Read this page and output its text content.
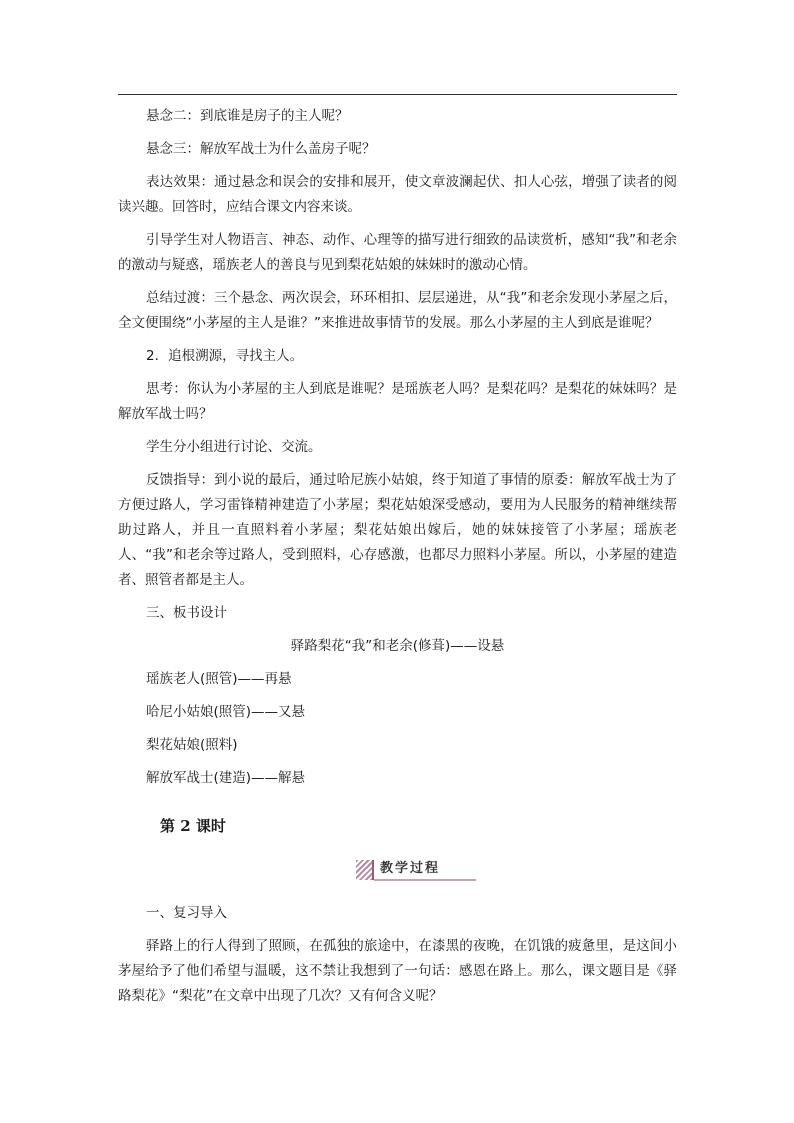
悬念二：到底谁是房子的主人呢？

悬念三：解放军战士为什么盖房子呢？

表达效果：通过悬念和误会的安排和展开，使文章波澜起伏、扣人心弦，增强了读者的阅读兴趣。回答时，应结合课文内容来谈。

引导学生对人物语言、神态、动作、心理等的描写进行细致的品读赏析，感知“我”和老余的激动与疑惑，瑶族老人的善良与见到梨花姑娘的妹妹时的激动心情。

总结过渡：三个悬念、两次误会，环环相扣、层层递进，从“我”和老余发现小茅屋之后，全文便围绕“小茅屋的主人是谁？”来推进故事情节的发展。那么小茅屋的主人到底是谁呢？

2．追根溯源，寻找主人。

思考：你认为小茅屋的主人到底是谁呢？是瑶族老人吗？是梨花吗？是梨花的妹妹吗？是解放军战士吗？

学生分小组进行讨论、交流。

反馈指导：到小说的最后，通过哈尼族小姑娘，终于知道了事情的原委：解放军战士为了方便过路人，学习雷锋精神建造了小茅屋；梨花姑娘深受感动，要用为人民服务的精神继续帮助过路人，并且一直照料着小茅屋；梨花姑娘出嫁后，她的妹妹接管了小茅屋；瑶族老人、“我”和老余等过路人，受到照料，心存感激，也都尽力照料小茅屋。所以，小茅屋的建造者、照管者都是主人。

三、板书设计

驿路梨花“我”和老余(修葺)——设悬

瑶族老人(照管)——再悬

哈尼小姑娘(照管)——又悬

梨花姑娘(照料)

解放军战士(建造)——解悬

第 2 课时
教学过程

一、复习导入

驿路上的行人得到了照顾，在孤独的旅途中，在漆黑的夜晚，在饥饿的疲惫里，是这间小茅屋给予了他们希望与温暖，这不禁让我想到了一句话：感恩在路上。那么，课文题目是《驿路梨花》“梨花”在文章中出现了几次？又有何含义呢？
